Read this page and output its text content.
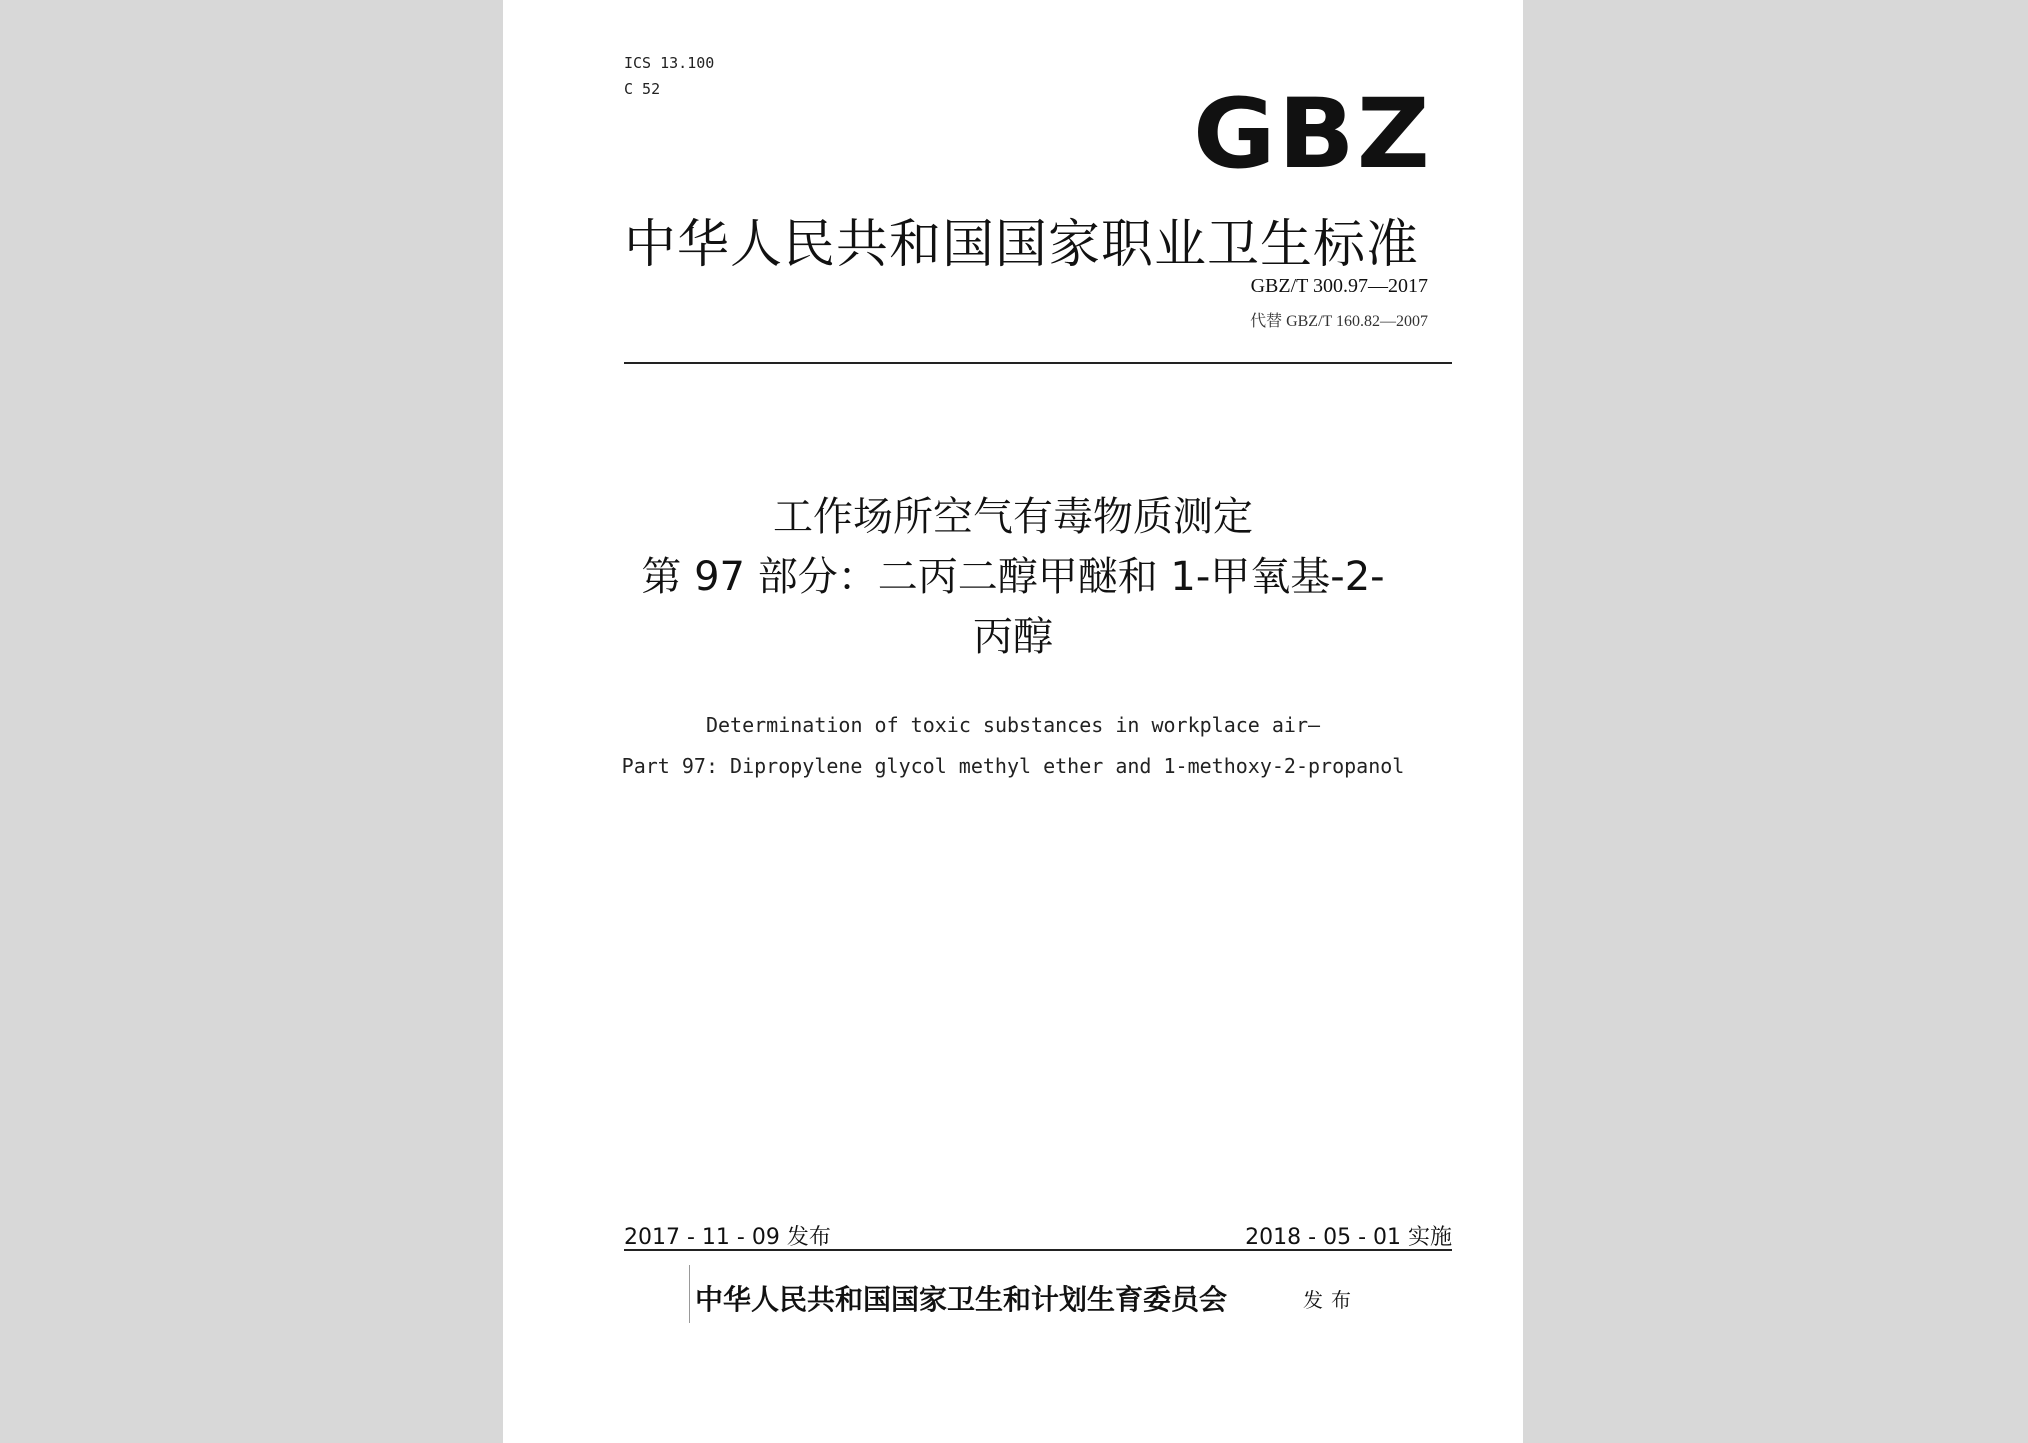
ICS 13.100
C 52	GBZ
中华人民共和国国家职业卫生标准
GBZ/T 300.97—2017
代替 GBZ/T 160.82—2007
工作场所空气有毒物质测定
第 97 部分：二丙二醇甲醚和 1-甲氧基-2-
丙醇
Determination of toxic substances in workplace air—
Part 97: Dipropylene glycol methyl ether and 1-methoxy-2-propanol
2017 - 11 - 09 发布	2018 - 05 - 01 实施
中华人民共和国国家卫生和计划生育委员会	发布
